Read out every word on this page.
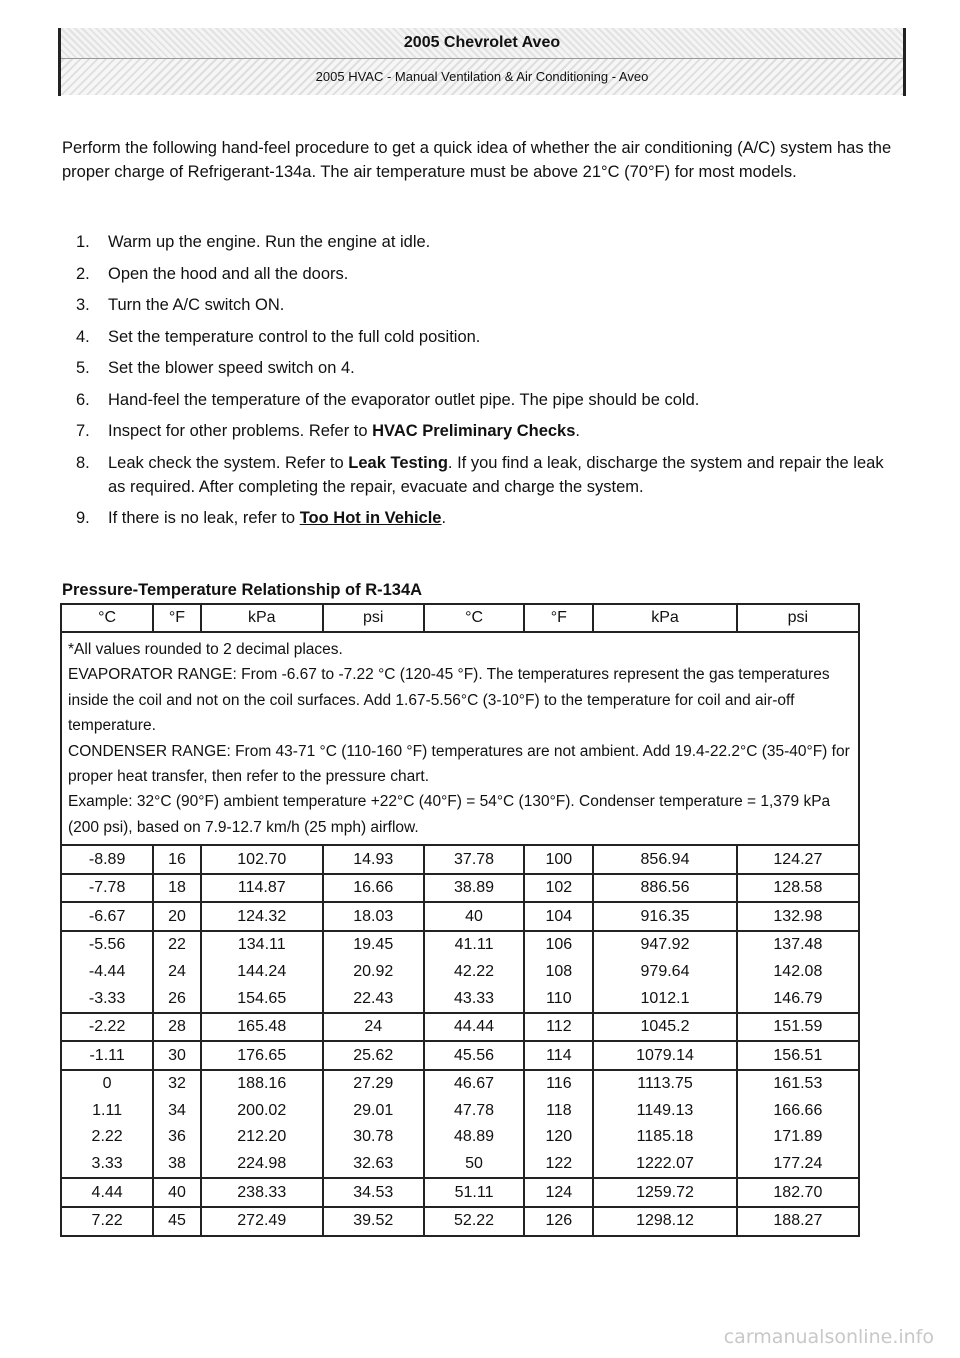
2005 Chevrolet Aveo
2005 HVAC - Manual Ventilation & Air Conditioning - Aveo

Perform the following hand-feel procedure to get a quick idea of whether the air conditioning (A/C) system has the proper charge of Refrigerant-134a. The air temperature must be above 21°C (70°F) for most models.

1. Warm up the engine. Run the engine at idle.
2. Open the hood and all the doors.
3. Turn the A/C switch ON.
4. Set the temperature control to the full cold position.
5. Set the blower speed switch on 4.
6. Hand-feel the temperature of the evaporator outlet pipe. The pipe should be cold.
7. Inspect for other problems. Refer to HVAC Preliminary Checks.
8. Leak check the system. Refer to Leak Testing. If you find a leak, discharge the system and repair the leak as required. After completing the repair, evacuate and charge the system.
9. If there is no leak, refer to Too Hot in Vehicle.
Pressure-Temperature Relationship of R-134A
°C	°F	kPa	psi	°C	°F	kPa	psi

*All values rounded to 2 decimal places.
EVAPORATOR RANGE: From -6.67 to -7.22 °C (120-45 °F). The temperatures represent the gas temperatures inside the coil and not on the coil surfaces. Add 1.67-5.56°C (3-10°F) to the temperature for coil and air-off temperature.
CONDENSER RANGE: From 43-71 °C (110-160 °F) temperatures are not ambient. Add 19.4-22.2°C (35-40°F) for proper heat transfer, then refer to the pressure chart.
Example: 32°C (90°F) ambient temperature +22°C (40°F) = 54°C (130°F). Condenser temperature = 1,379 kPa (200 psi), based on 7.9-12.7 km/h (25 mph) airflow.							

-8.89	16	102.70	14.93	37.78	100	856.94	124.27
-7.78	18	114.87	16.66	38.89	102	886.56	128.58
-6.67	20	124.32	18.03	40	104	916.35	132.98
-5.56	22	134.11	19.45	41.11	106	947.92	137.48
-4.44	24	144.24	20.92	42.22	108	979.64	142.08
-3.33	26	154.65	22.43	43.33	110	1012.1	146.79
-2.22	28	165.48	24	44.44	112	1045.2	151.59
-1.11	30	176.65	25.62	45.56	114	1079.14	156.51
0	32	188.16	27.29	46.67	116	1113.75	161.53
1.11	34	200.02	29.01	47.78	118	1149.13	166.66
2.22	36	212.20	30.78	48.89	120	1185.18	171.89
3.33	38	224.98	32.63	50	122	1222.07	177.24
4.44	40	238.33	34.53	51.11	124	1259.72	182.70
7.22	45	272.49	39.52	52.22	126	1298.12	188.27
carmanualsonline.info
